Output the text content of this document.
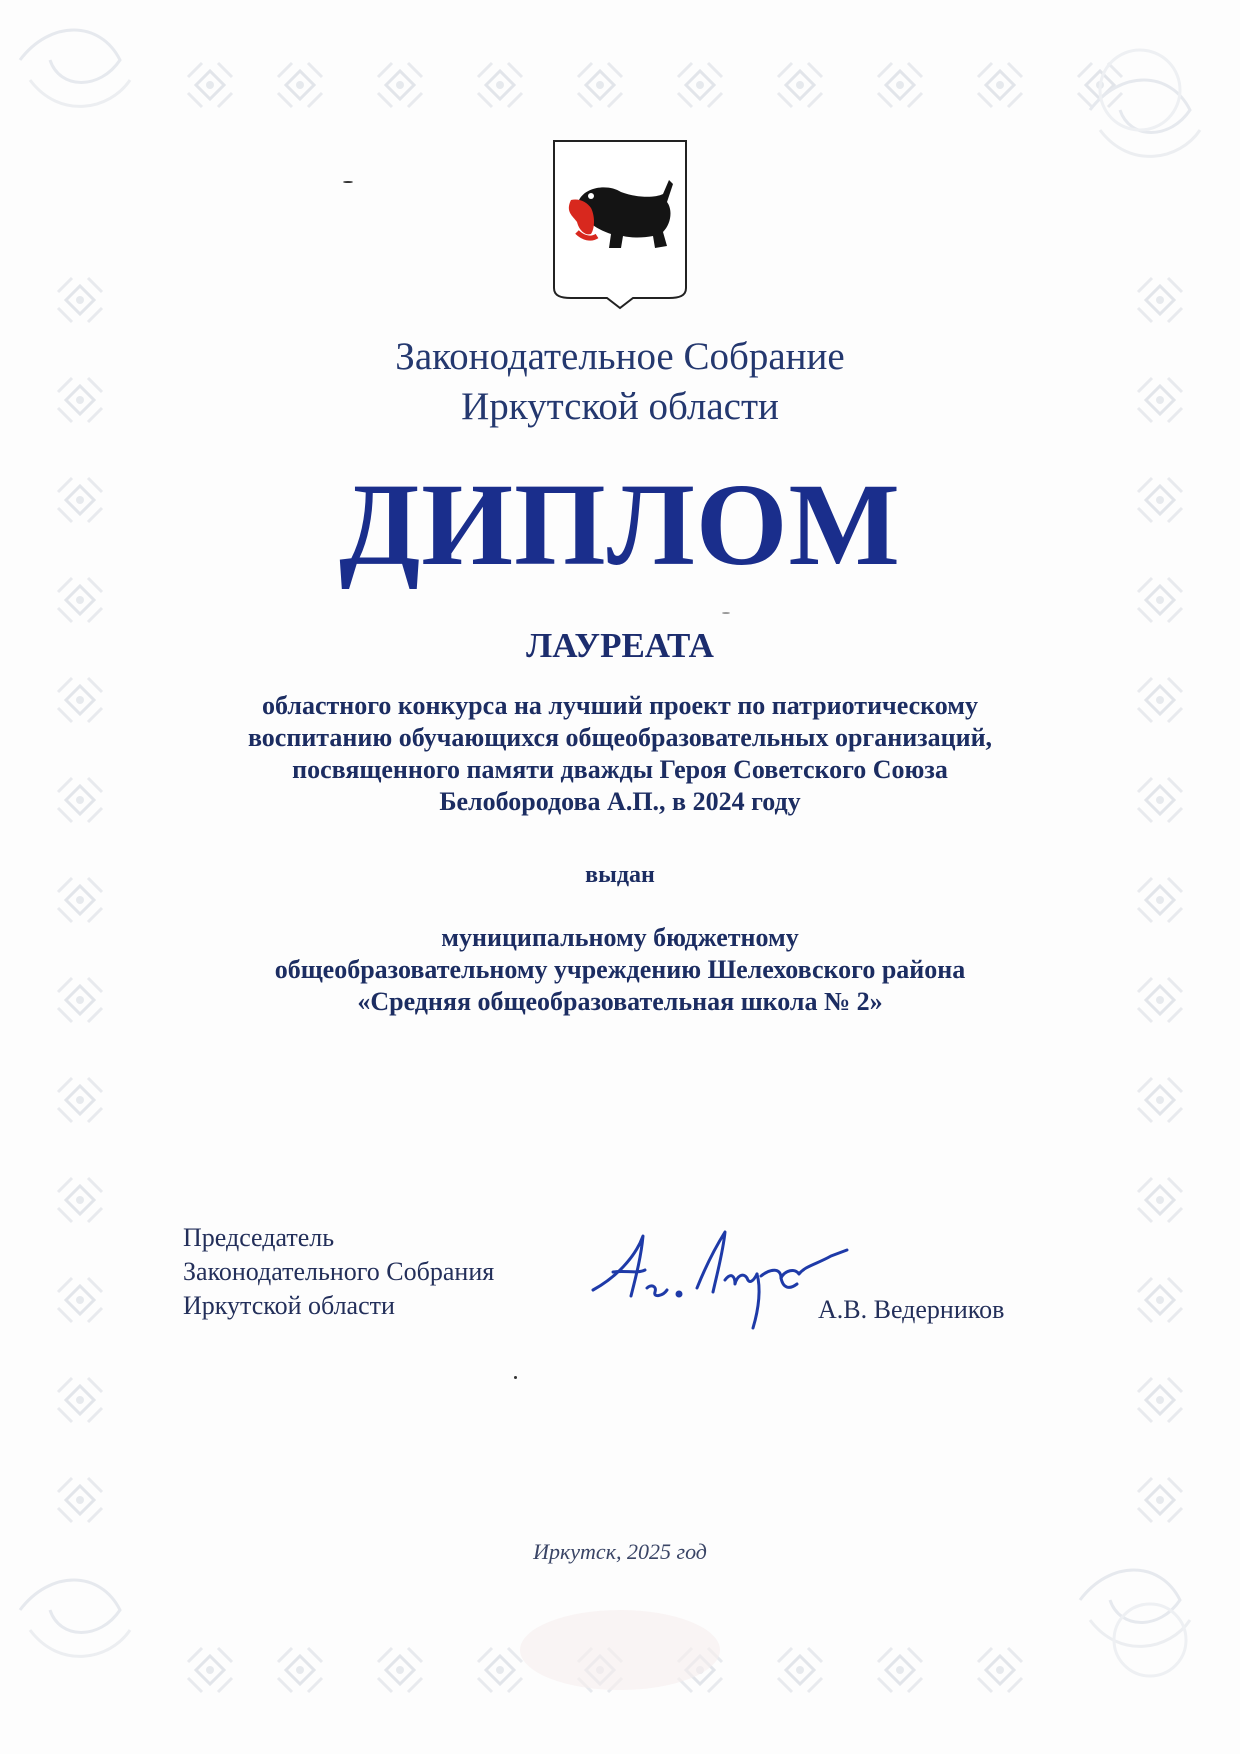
Законодательное Собрание
Иркутской области
ДИПЛОМ
ЛАУРЕАТА
областного конкурса на лучший проект по патриотическому
воспитанию обучающихся общеобразовательных организаций,
посвященного памяти дважды Героя Советского Союза
Белобородова А.П., в 2024 году
выдан
муниципальному бюджетному
общеобразовательному учреждению Шелеховского района
«Средняя общеобразовательная школа № 2»
Председатель
Законодательного Собрания
Иркутской области	А.В. Ведерников
Иркутск, 2025 год
